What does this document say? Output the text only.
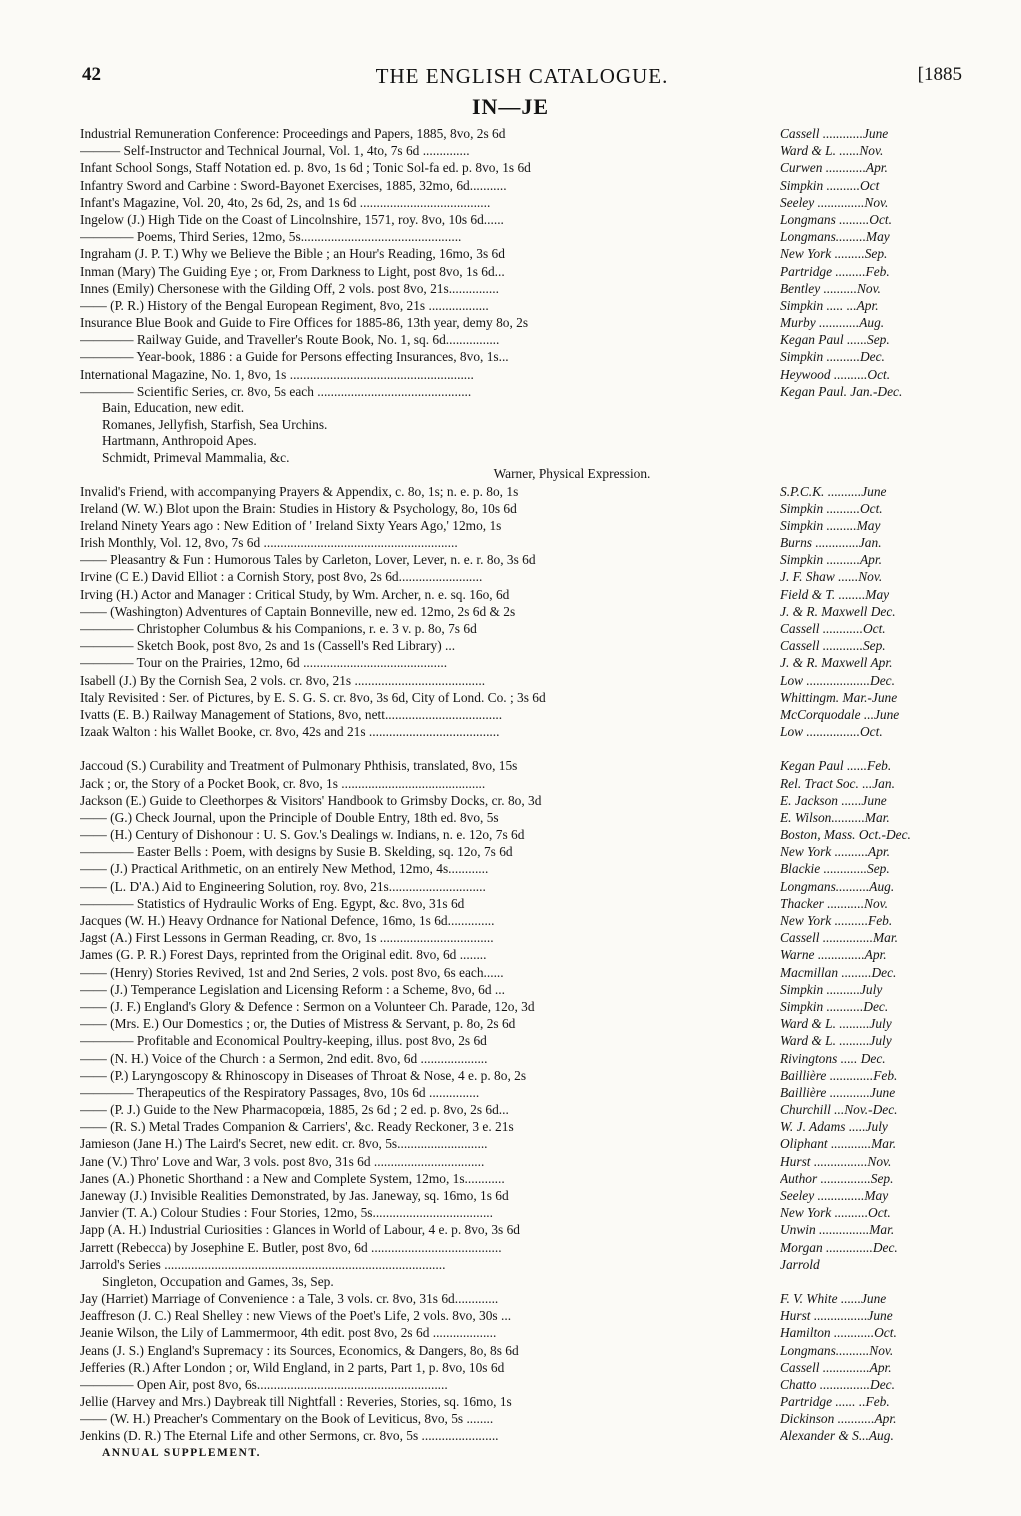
42	THE ENGLISH CATALOGUE.	[1885
IN—JE
Industrial Remuneration Conference: Proceedings and Papers, 1885, 8vo, 2s 6d	Cassell ............June
——— Self-Instructor and Technical Journal, Vol. 1, 4to, 7s 6d ..............	Ward & L. ......Nov.
Infant School Songs, Staff Notation ed. p. 8vo, 1s 6d ; Tonic Sol-fa ed. p. 8vo, 1s 6d	Curwen ............Apr.
Infantry Sword and Carbine : Sword-Bayonet Exercises, 1885, 32mo, 6d...........	Simpkin ..........Oct
Infant's Magazine, Vol. 20, 4to, 2s 6d, 2s, and 1s 6d .......................................	Seeley ..............Nov.
Ingelow (J.) High Tide on the Coast of Lincolnshire, 1571, roy. 8vo, 10s 6d......	Longmans .........Oct.
———— Poems, Third Series, 12mo, 5s................................................	Longmans.........May
Ingraham (J. P. T.) Why we Believe the Bible ; an Hour's Reading, 16mo, 3s 6d	New York .........Sep.
Inman (Mary) The Guiding Eye ; or, From Darkness to Light, post 8vo, 1s 6d...	Partridge .........Feb.
Innes (Emily) Chersonese with the Gilding Off, 2 vols. post 8vo, 21s...............	Bentley ..........Nov.
—— (P. R.) History of the Bengal European Regiment, 8vo, 21s ..................	Simpkin ..... ...Apr.
Insurance Blue Book and Guide to Fire Offices for 1885-86, 13th year, demy 8o, 2s	Murby ............Aug.
———— Railway Guide, and Traveller's Route Book, No. 1, sq. 6d................	Kegan Paul ......Sep.
———— Year-book, 1886 : a Guide for Persons effecting Insurances, 8vo, 1s...	Simpkin ..........Dec.
International Magazine, No. 1, 8vo, 1s .......................................................	Heywood ..........Oct.
———— Scientific Series, cr. 8vo, 5s each ..............................................	Kegan Paul. Jan.-Dec.
Bain, Education, new edit.
Romanes, Jellyfish, Starfish, Sea Urchins.
Hartmann, Anthropoid Apes.
Schmidt, Primeval Mammalia, &c.
Warner, Physical Expression.
Invalid's Friend, with accompanying Prayers & Appendix, c. 8o, 1s; n. e. p. 8o, 1s	S.P.C.K. ..........June
Ireland (W. W.) Blot upon the Brain: Studies in History & Psychology, 8o, 10s 6d	Simpkin ..........Oct.
Ireland Ninety Years ago : New Edition of ' Ireland Sixty Years Ago,' 12mo, 1s	Simpkin .........May
Irish Monthly, Vol. 12, 8vo, 7s 6d ..........................................................	Burns .............Jan.
—— Pleasantry & Fun : Humorous Tales by Carleton, Lover, Lever, n. e. r. 8o, 3s 6d	Simpkin ..........Apr.
Irvine (C E.) David Elliot : a Cornish Story, post 8vo, 2s 6d.........................	J. F. Shaw ......Nov.
Irving (H.) Actor and Manager : Critical Study, by Wm. Archer, n. e. sq. 16o, 6d	Field & T. ........May
—— (Washington) Adventures of Captain Bonneville, new ed. 12mo, 2s 6d & 2s	J. & R. Maxwell Dec.
———— Christopher Columbus & his Companions, r. e. 3 v. p. 8o, 7s 6d	Cassell ............Oct.
———— Sketch Book, post 8vo, 2s and 1s (Cassell's Red Library) ...	Cassell ............Sep.
———— Tour on the Prairies, 12mo, 6d ...........................................	J. & R. Maxwell Apr.
Isabell (J.) By the Cornish Sea, 2 vols. cr. 8vo, 21s .......................................	Low ...................Dec.
Italy Revisited : Ser. of Pictures, by E. S. G. S. cr. 8vo, 3s 6d, City of Lond. Co. ; 3s 6d	Whittingm. Mar.-June
Ivatts (E. B.) Railway Management of Stations, 8vo, nett...................................	McCorquodale ...June
Izaak Walton : his Wallet Booke, cr. 8vo, 42s and 21s .......................................	Low ................Oct.
Jaccoud (S.) Curability and Treatment of Pulmonary Phthisis, translated, 8vo, 15s	Kegan Paul ......Feb.
Jack ; or, the Story of a Pocket Book, cr. 8vo, 1s ...........................................	Rel. Tract Soc. ...Jan.
Jackson (E.) Guide to Cleethorpes & Visitors' Handbook to Grimsby Docks, cr. 8o, 3d	E. Jackson ......June
—— (G.) Check Journal, upon the Principle of Double Entry, 18th ed. 8vo, 5s	E. Wilson..........Mar.
—— (H.) Century of Dishonour : U. S. Gov.'s Dealings w. Indians, n. e. 12o, 7s 6d	Boston, Mass. Oct.-Dec.
———— Easter Bells : Poem, with designs by Susie B. Skelding, sq. 12o, 7s 6d	New York ..........Apr.
—— (J.) Practical Arithmetic, on an entirely New Method, 12mo, 4s............	Blackie .............Sep.
—— (L. D'A.) Aid to Engineering Solution, roy. 8vo, 21s.............................	Longmans..........Aug.
———— Statistics of Hydraulic Works of Eng. Egypt, &c. 8vo, 31s 6d	Thacker ...........Nov.
Jacques (W. H.) Heavy Ordnance for National Defence, 16mo, 1s 6d..............	New York ..........Feb.
Jagst (A.) First Lessons in German Reading, cr. 8vo, 1s ..................................	Cassell ...............Mar.
James (G. P. R.) Forest Days, reprinted from the Original edit. 8vo, 6d ........	Warne ..............Apr.
—— (Henry) Stories Revived, 1st and 2nd Series, 2 vols. post 8vo, 6s each......	Macmillan .........Dec.
—— (J.) Temperance Legislation and Licensing Reform : a Scheme, 8vo, 6d ...	Simpkin ..........July
—— (J. F.) England's Glory & Defence : Sermon on a Volunteer Ch. Parade, 12o, 3d	Simpkin ...........Dec.
—— (Mrs. E.) Our Domestics ; or, the Duties of Mistress & Servant, p. 8o, 2s 6d	Ward & L. .........July
———— Profitable and Economical Poultry-keeping, illus. post 8vo, 2s 6d	Ward & L. .........July
—— (N. H.) Voice of the Church : a Sermon, 2nd edit. 8vo, 6d ....................	Rivingtons ..... Dec.
—— (P.) Laryngoscopy & Rhinoscopy in Diseases of Throat & Nose, 4 e. p. 8o, 2s	Baillière .............Feb.
———— Therapeutics of the Respiratory Passages, 8vo, 10s 6d ...............	Baillière ............June
—— (P. J.) Guide to the New Pharmacopœia, 1885, 2s 6d ; 2 ed. p. 8vo, 2s 6d...	Churchill ...Nov.-Dec.
—— (R. S.) Metal Trades Companion & Carriers', &c. Ready Reckoner, 3 e. 21s	W. J. Adams .....July
Jamieson (Jane H.) The Laird's Secret, new edit. cr. 8vo, 5s...........................	Oliphant ............Mar.
Jane (V.) Thro' Love and War, 3 vols. post 8vo, 31s 6d .................................	Hurst ................Nov.
Janes (A.) Phonetic Shorthand : a New and Complete System, 12mo, 1s............	Author ...............Sep.
Janeway (J.) Invisible Realities Demonstrated, by Jas. Janeway, sq. 16mo, 1s 6d	Seeley ..............May
Janvier (T. A.) Colour Studies : Four Stories, 12mo, 5s....................................	New York ..........Oct.
Japp (A. H.) Industrial Curiosities : Glances in World of Labour, 4 e. p. 8vo, 3s 6d	Unwin ...............Mar.
Jarrett (Rebecca) by Josephine E. Butler, post 8vo, 6d .......................................	Morgan ..............Dec.
Jarrold's Series ....................................................................................	Jarrold
Singleton, Occupation and Games, 3s, Sep.
Jay (Harriet) Marriage of Convenience : a Tale, 3 vols. cr. 8vo, 31s 6d.............	F. V. White ......June
Jeaffreson (J. C.) Real Shelley : new Views of the Poet's Life, 2 vols. 8vo, 30s ...	Hurst ................June
Jeanie Wilson, the Lily of Lammermoor, 4th edit. post 8vo, 2s 6d ...................	Hamilton ............Oct.
Jeans (J. S.) England's Supremacy : its Sources, Economics, & Dangers, 8o, 8s 6d	Longmans..........Nov.
Jefferies (R.) After London ; or, Wild England, in 2 parts, Part 1, p. 8vo, 10s 6d	Cassell ..............Apr.
———— Open Air, post 8vo, 6s.........................................................	Chatto ...............Dec.
Jellie (Harvey and Mrs.) Daybreak till Nightfall : Reveries, Stories, sq. 16mo, 1s	Partridge ...... ..Feb.
—— (W. H.) Preacher's Commentary on the Book of Leviticus, 8vo, 5s ........	Dickinson ...........Apr.
Jenkins (D. R.) The Eternal Life and other Sermons, cr. 8vo, 5s .......................	Alexander & S...Aug.
ANNUAL SUPPLEMENT.
